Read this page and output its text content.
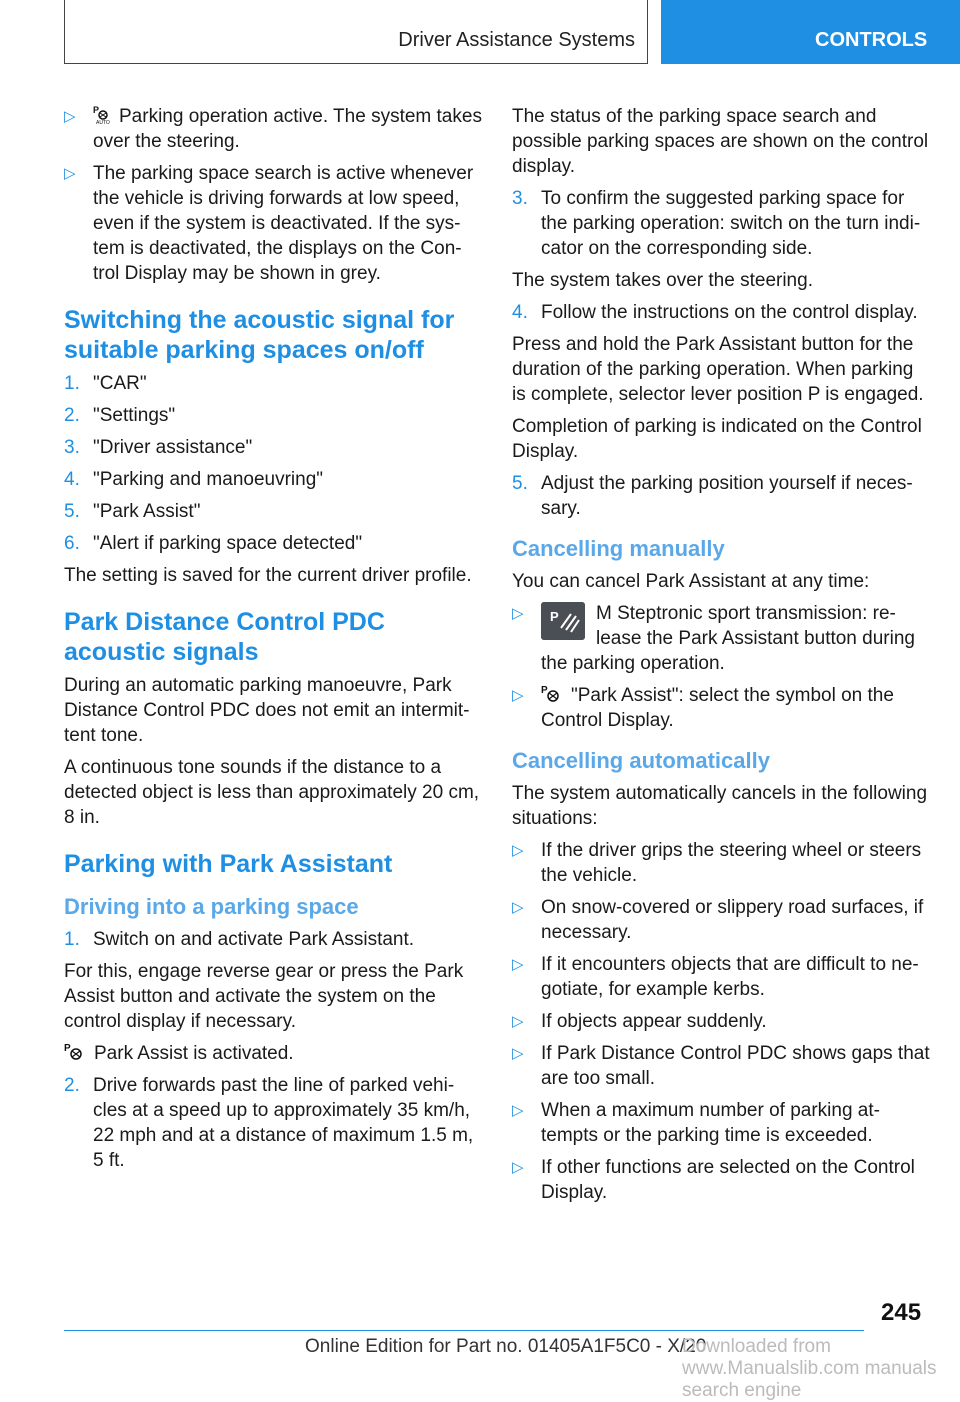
Driver Assistance Systems	CONTROLS
▷ P
AUTO Parking operation active. The system takes over the steering.
▷ The parking space search is active whenever the vehicle is driving forwards at low speed, even if the system is deactivated. If the sys-tem is deactivated, the displays on the Con-trol Display may be shown in grey.
Switching the acoustic signal for suitable parking spaces on/off
1. "CAR"
2. "Settings"
3. "Driver assistance"
4. "Parking and manoeuvring"
5. "Park Assist"
6. "Alert if parking space detected"

The setting is saved for the current driver profile.

Park Distance Control PDC acoustic signals

During an automatic parking manoeuvre, Park Distance Control PDC does not emit an intermit-tent tone.

A continuous tone sounds if the distance to a detected object is less than approximately 20 cm, 8 in.

Parking with Park Assistant
Driving into a parking space
1. Switch on and activate Park Assistant.

For this, engage reverse gear or press the Park Assist button and activate the system on the control display if necessary.

P Park Assist is activated.

2. Drive forwards past the line of parked vehi-cles at a speed up to approximately 35 km/h, 22 mph and at a distance of maximum 1.5 m, 5 ft.

The status of the parking space search and possible parking spaces are shown on the control display.

3. To confirm the suggested parking space for the parking operation: switch on the turn indi-cator on the corresponding side.

The system takes over the steering.

4. Follow the instructions on the control display.

Press and hold the Park Assistant button for the duration of the parking operation. When parking is complete, selector lever position P is engaged.

Completion of parking is indicated on the Control Display.

5. Adjust the parking position yourself if neces-sary.
Cancelling manually

You can cancel Park Assistant at any time:

▷ P M Steptronic sport transmission: re-lease the Park Assistant button during the parking operation.
▷ P "Park Assist": select the symbol on the Control Display.
Cancelling automatically

The system automatically cancels in the following situations:

▷ If the driver grips the steering wheel or steers the vehicle.
▷ On snow-covered or slippery road surfaces, if necessary.
▷ If it encounters objects that are difficult to ne-gotiate, for example kerbs.
▷ If objects appear suddenly.
▷ If Park Distance Control PDC shows gaps that are too small.
▷ When a maximum number of parking at-tempts or the parking time is exceeded.
▷ If other functions are selected on the Control Display.
245
Online Edition for Part no. 01405A1F5C0 - X/20
Downloaded from www.Manualslib.com manuals search engine
